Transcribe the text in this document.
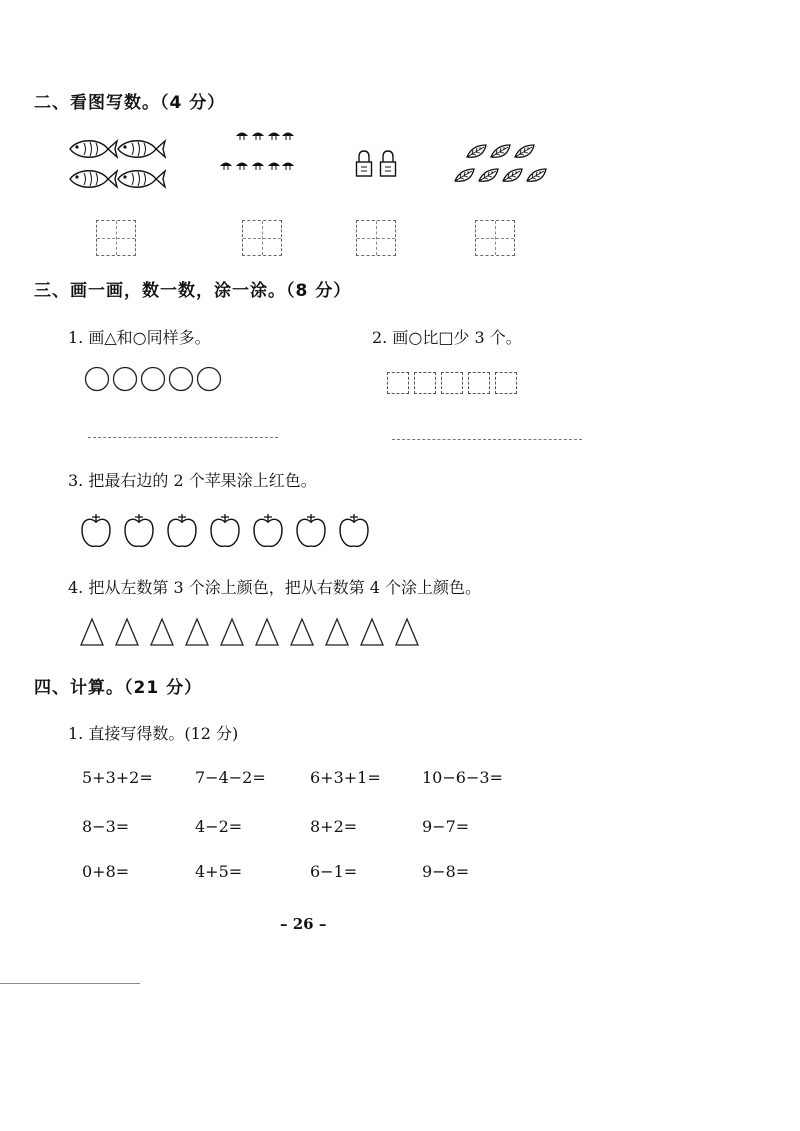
二、看图写数。（4 分）
三、画一画，数一数，涂一涂。（8 分）
1. 画△和○同样多。	2. 画○比□少 3 个。
3. 把最右边的 2 个苹果涂上红色。
4. 把从左数第 3 个涂上颜色，把从右数第 4 个涂上颜色。
四、计算。（21 分）
1. 直接写得数。(12 分)
5+3+2=	7−4−2=	6+3+1=	10−6−3=
8−3=	4−2=	8+2=	9−7=
0+8=	4+5=	6−1=	9−8=
– 26 –
